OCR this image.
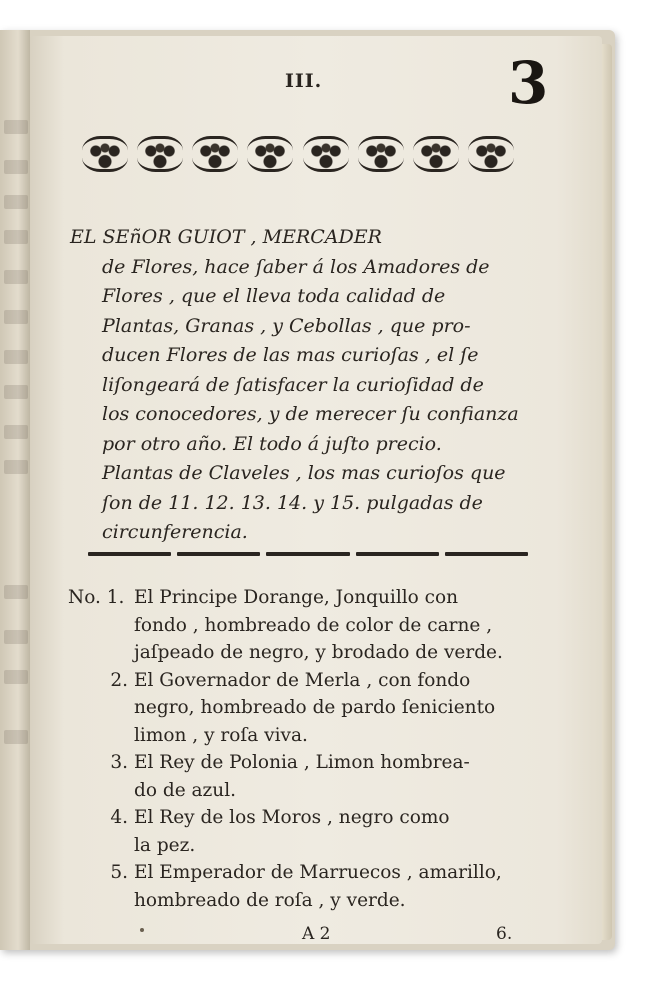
III.	3
EL SEñOR GUIOT , MERCADER
de Flores, hace ſaber á los Amadores de
Flores , que el lleva toda calidad de
Plantas, Granas , y Cebollas , que pro-
ducen Flores de las mas curioſas , el ſe
liſongeará de ſatisfacer la curioſidad de
los conocedores, y de merecer ſu confianza
por otro año. El todo á juſto precio.
Plantas de Claveles , los mas curioſos que
ſon de 11. 12. 13. 14. y 15. pulgadas de
circunferencia.
No. 1. El Principe Dorange, Jonquillo con
fondo , hombreado de color de carne ,
jaſpeado de negro, y brodado de verde.
2. El Governador de Merla , con fondo
negro, hombreado de pardo ſeniciento
limon , y roſa viva.
3. El Rey de Polonia , Limon hombrea-
do de azul.
4. El Rey de los Moros , negro como
la pez.
5. El Emperador de Marruecos , amarillo,
hombreado de roſa , y verde.
A 2	6.
